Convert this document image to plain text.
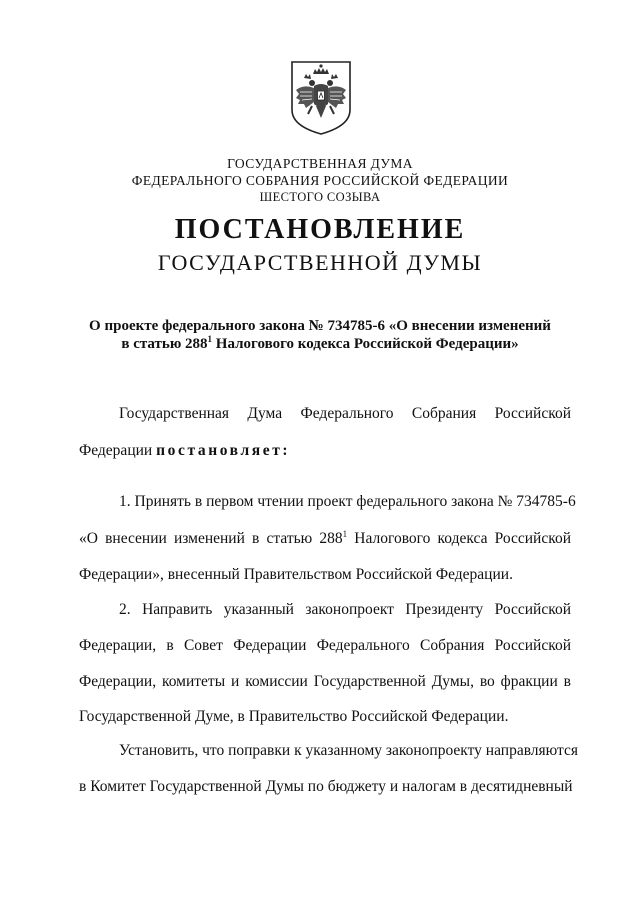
ГОСУДАРСТВЕННАЯ ДУМА
ФЕДЕРАЛЬНОГО СОБРАНИЯ РОССИЙСКОЙ ФЕДЕРАЦИИ
ШЕСТОГО СОЗЫВА
ПОСТАНОВЛЕНИЕ
ГОСУДАРСТВЕННОЙ ДУМЫ
О проекте федерального закона № 734785-6 «О внесении изменений
в статью $288^1$ Налогового кодекса Российской Федерации»
Государственная Дума Федерального Собрания Российской
Федерации постановляет:
1. Принять в первом чтении проект федерального закона № 734785-6
«О внесении изменений в статью $288^1$ Налогового кодекса Российской
Федерации», внесенный Правительством Российской Федерации.
2. Направить указанный законопроект Президенту Российской
Федерации, в Совет Федерации Федерального Собрания Российской
Федерации, комитеты и комиссии Государственной Думы, во фракции в
Государственной Думе, в Правительство Российской Федерации.
Установить, что поправки к указанному законопроекту направляются
в Комитет Государственной Думы по бюджету и налогам в десятидневный
